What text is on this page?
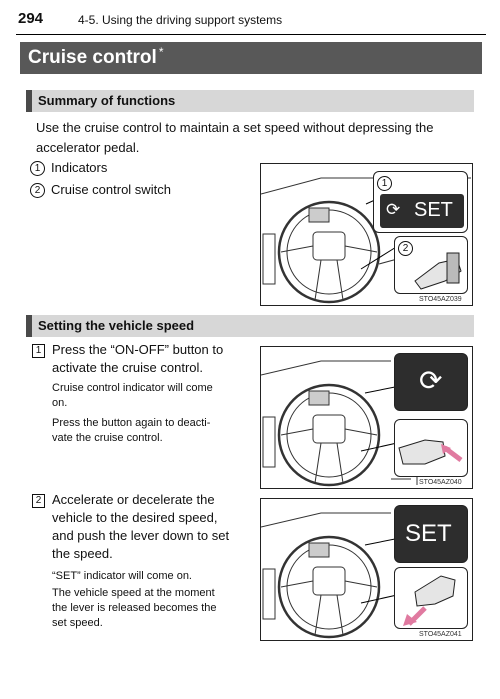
294	4-5. Using the driving support systems
Cruise control *
Summary of functions
Use the cruise control to maintain a set speed without depressing the accelerator pedal.
1 Indicators
2 Cruise control switch	1
⟳ SET
2
STO45AZ039
Setting the vehicle speed
1 Press the “ON-OFF” button to
activate the cruise control.
Cruise control indicator will come
on.
Press the button again to deacti-
vate the cruise control.
⟳
STO45AZ040
2 Accelerate or decelerate the
vehicle to the desired speed,
and push the lever down to set
the speed.
“SET” indicator will come on.
The vehicle speed at the moment
the lever is released becomes the
set speed.
SET
STO45AZ041
